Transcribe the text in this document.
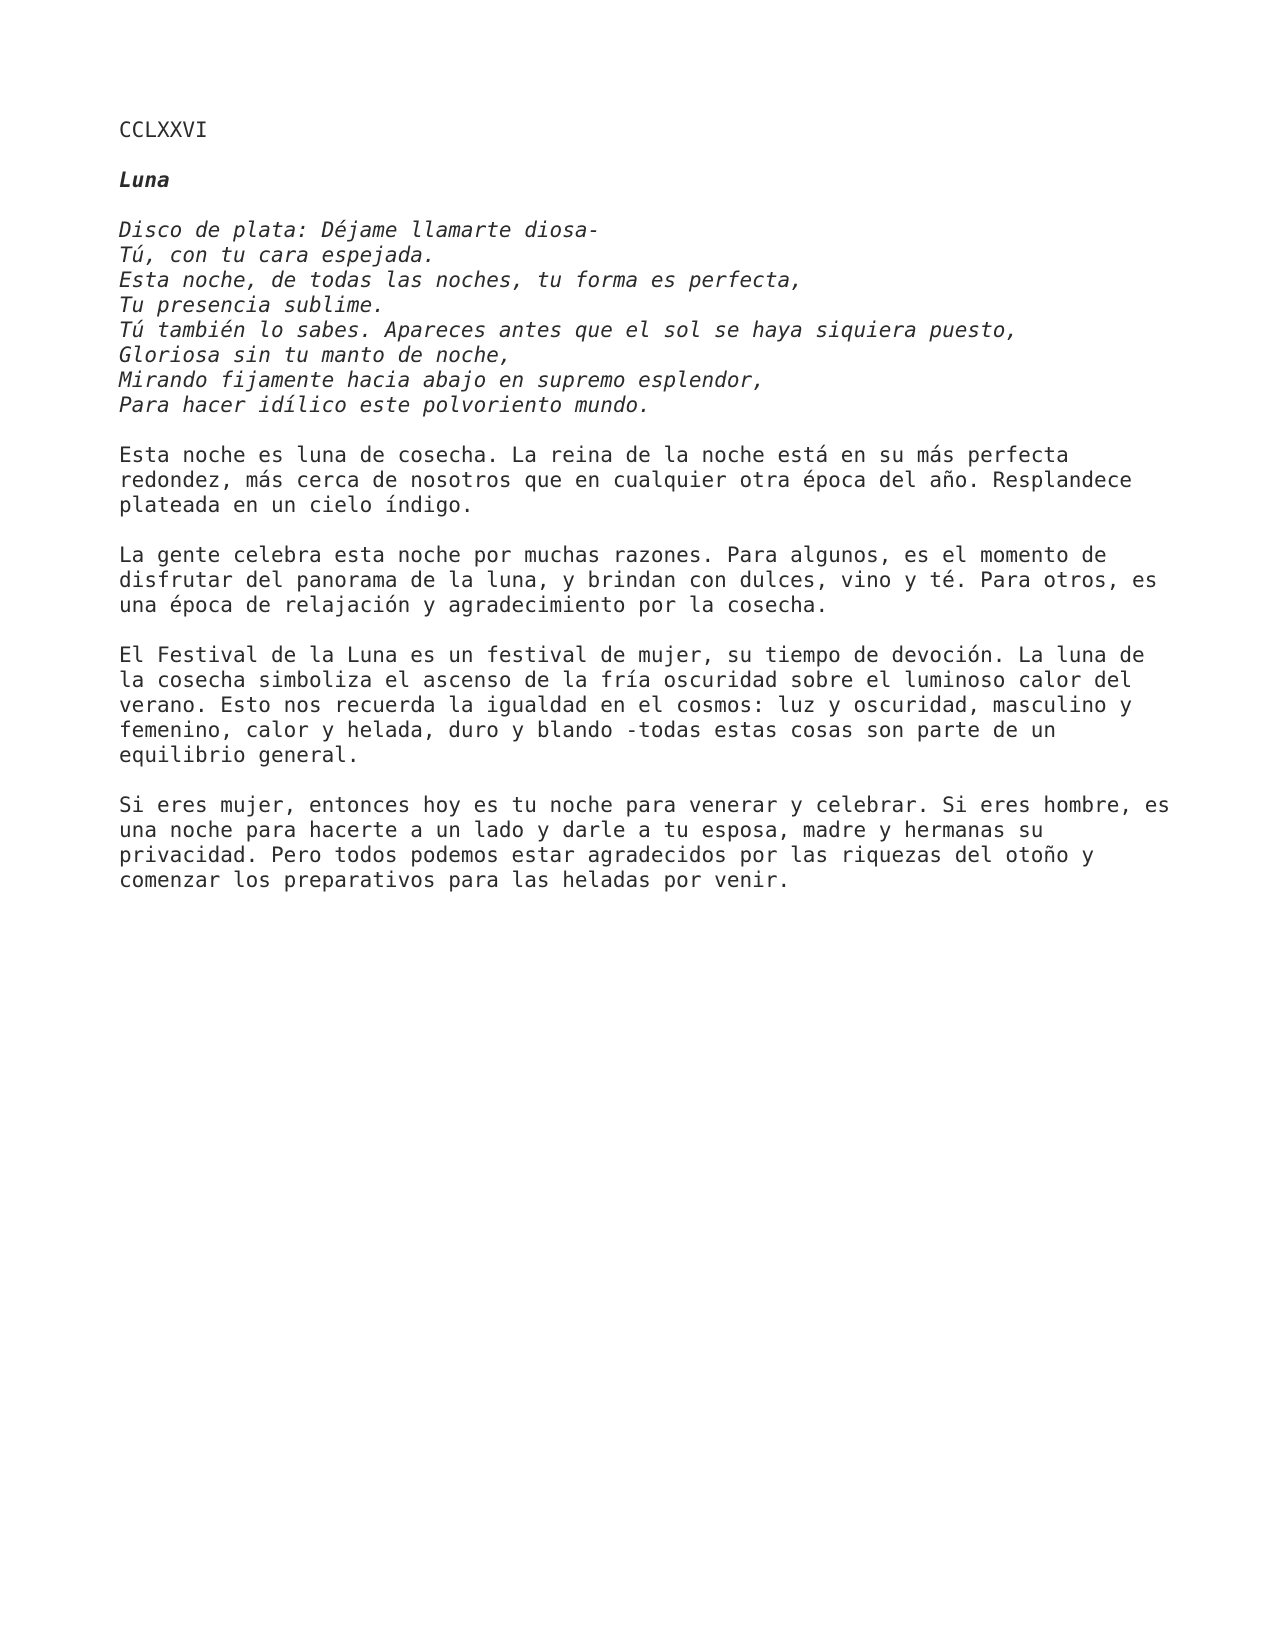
CCLXXVI
Luna
Disco de plata: Déjame llamarte diosa-
Tú, con tu cara espejada.
Esta noche, de todas las noches, tu forma es perfecta,
Tu presencia sublime.
Tú también lo sabes. Apareces antes que el sol se haya siquiera puesto,
Gloriosa sin tu manto de noche,
Mirando fijamente hacia abajo en supremo esplendor,
Para hacer idílico este polvoriento mundo.
Esta noche es luna de cosecha. La reina de la noche está en su más perfecta
redondez, más cerca de nosotros que en cualquier otra época del año. Resplandece
plateada en un cielo índigo.
La gente celebra esta noche por muchas razones. Para algunos, es el momento de
disfrutar del panorama de la luna, y brindan con dulces, vino y té. Para otros, es
una época de relajación y agradecimiento por la cosecha.
El Festival de la Luna es un festival de mujer, su tiempo de devoción. La luna de
la cosecha simboliza el ascenso de la fría oscuridad sobre el luminoso calor del
verano. Esto nos recuerda la igualdad en el cosmos: luz y oscuridad, masculino y
femenino, calor y helada, duro y blando -todas estas cosas son parte de un
equilibrio general.
Si eres mujer, entonces hoy es tu noche para venerar y celebrar. Si eres hombre, es
una noche para hacerte a un lado y darle a tu esposa, madre y hermanas su
privacidad. Pero todos podemos estar agradecidos por las riquezas del otoño y
comenzar los preparativos para las heladas por venir.
